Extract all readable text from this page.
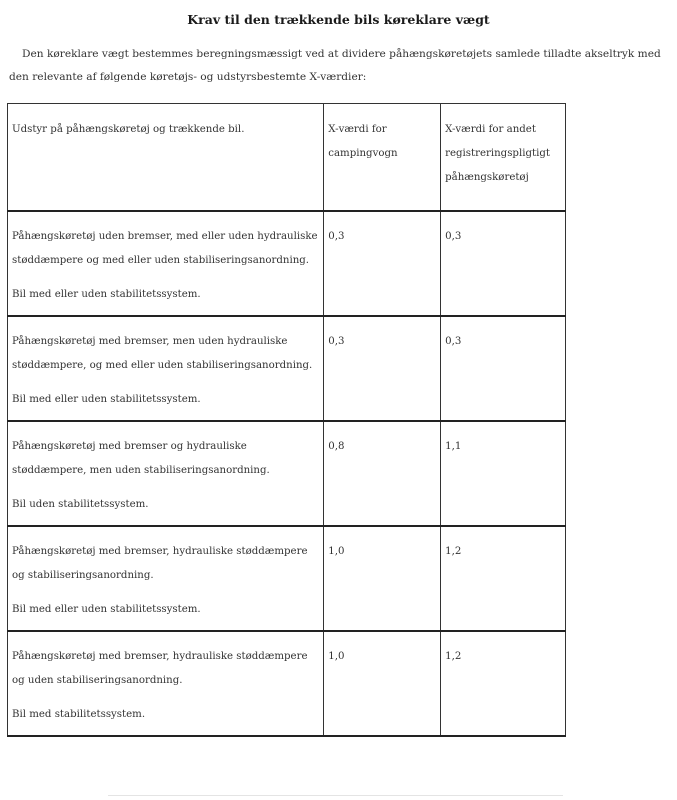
Krav til den trækkende bils køreklare vægt
Den køreklare vægt bestemmes beregningsmæssigt ved at dividere påhængskøretøjets samlede tilladte akseltryk med den relevante af følgende køretøjs- og udstyrsbestemte X-værdier:
Udstyr på påhængskøretøj og trækkende bil.	X-værdi for campingvogn	X-værdi for andet registreringspligtigt påhængskøretøj

Påhængskøretøj uden bremser, med eller uden hydrauliske støddæmpere og med eller uden stabiliseringsanordning.

Bil med eller uden stabilitetssystem.	0,3	0,3

Påhængskøretøj med bremser, men uden hydrauliske støddæmpere, og med eller uden stabiliseringsanordning.

Bil med eller uden stabilitetssystem.	0,3	0,3

Påhængskøretøj med bremser og hydrauliske støddæmpere, men uden stabiliseringsanordning.

Bil uden stabilitetssystem.	0,8	1,1

Påhængskøretøj med bremser, hydrauliske støddæmpere og stabiliseringsanordning.

Bil med eller uden stabilitetssystem.	1,0	1,2

Påhængskøretøj med bremser, hydrauliske støddæmpere og uden stabiliseringsanordning.

Bil med stabilitetssystem.	1,0	1,2
